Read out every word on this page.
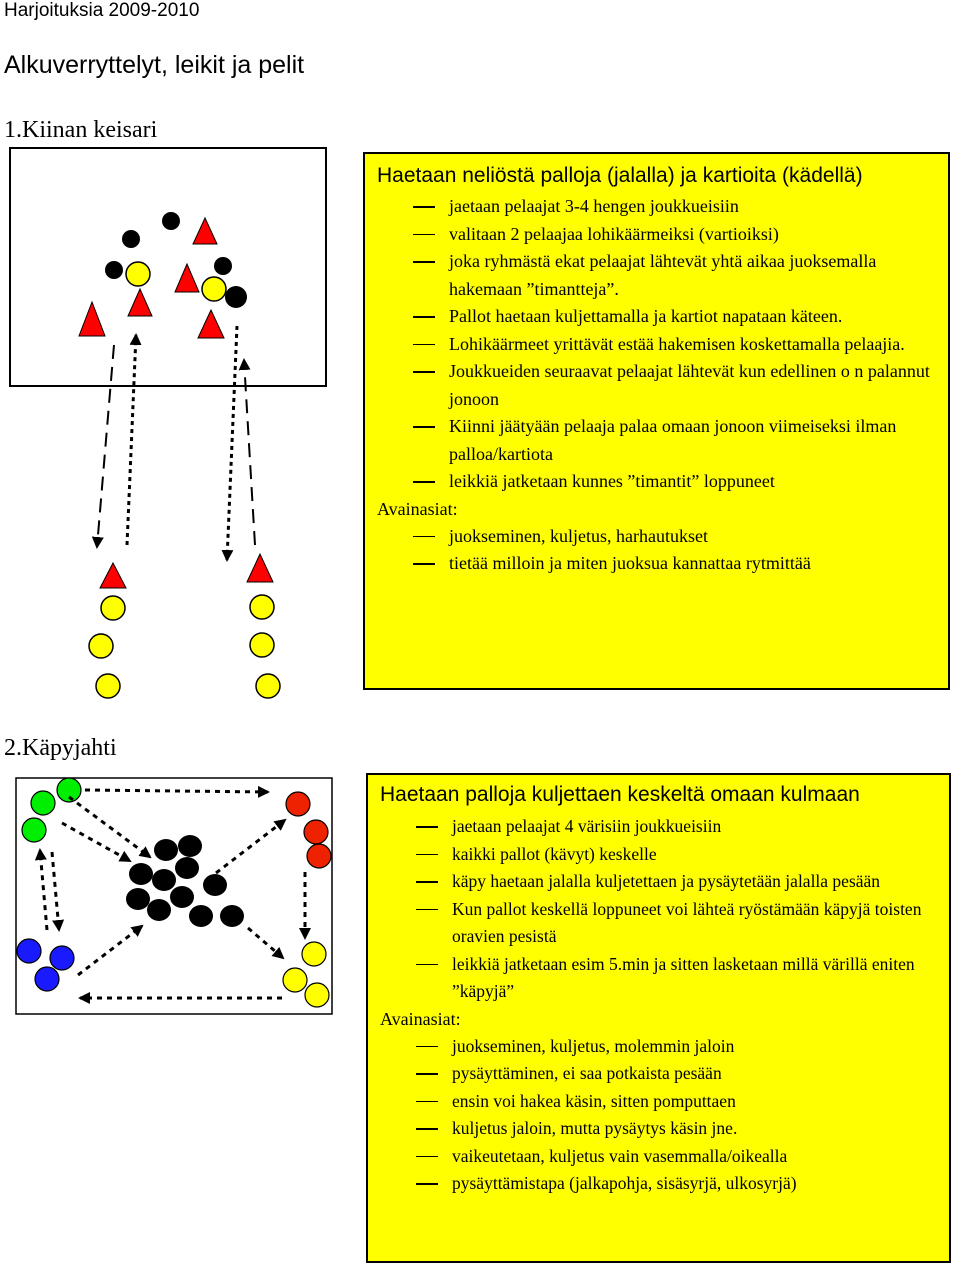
Harjoituksia 2009-2010
Alkuverryttelyt, leikit ja pelit
1.Kiinan keisari
Haetaan neliöstä palloja (jalalla) ja kartioita (kädellä)
jaetaan pelaajat 3-4 hengen joukkueisiin
valitaan 2 pelaajaa lohikäärmeiksi (vartioiksi)
joka ryhmästä ekat pelaajat lähtevät yhtä aikaa juoksemalla hakemaan ”timantteja”.
Pallot haetaan kuljettamalla ja kartiot napataan käteen.
Lohikäärmeet yrittävät estää hakemisen koskettamalla pelaajia.
Joukkueiden seuraavat pelaajat lähtevät kun edellinen o n palannut jonoon
Kiinni jäätyään pelaaja palaa omaan jonoon viimeiseksi ilman palloa/kartiota
leikkiä jatketaan kunnes ”timantit” loppuneet
Avainasiat:
juokseminen, kuljetus, harhautukset
tietää milloin ja miten juoksua kannattaa rytmittää
2.Käpyjahti
Haetaan palloja kuljettaen keskeltä omaan kulmaan
jaetaan pelaajat 4 värisiin joukkueisiin
kaikki pallot (kävyt) keskelle
käpy haetaan jalalla kuljetettaen ja pysäytetään jalalla pesään
Kun pallot keskellä loppuneet voi lähteä ryöstämään käpyjä toisten oravien pesistä
leikkiä jatketaan esim 5.min ja sitten lasketaan millä värillä eniten ”käpyjä”
Avainasiat:
juokseminen, kuljetus, molemmin jaloin
pysäyttäminen, ei saa potkaista pesään
ensin voi hakea käsin, sitten pomputtaen
kuljetus jaloin, mutta pysäytys käsin jne.
vaikeutetaan, kuljetus vain vasemmalla/oikealla
pysäyttämistapa (jalkapohja, sisäsyrjä, ulkosyrjä)
